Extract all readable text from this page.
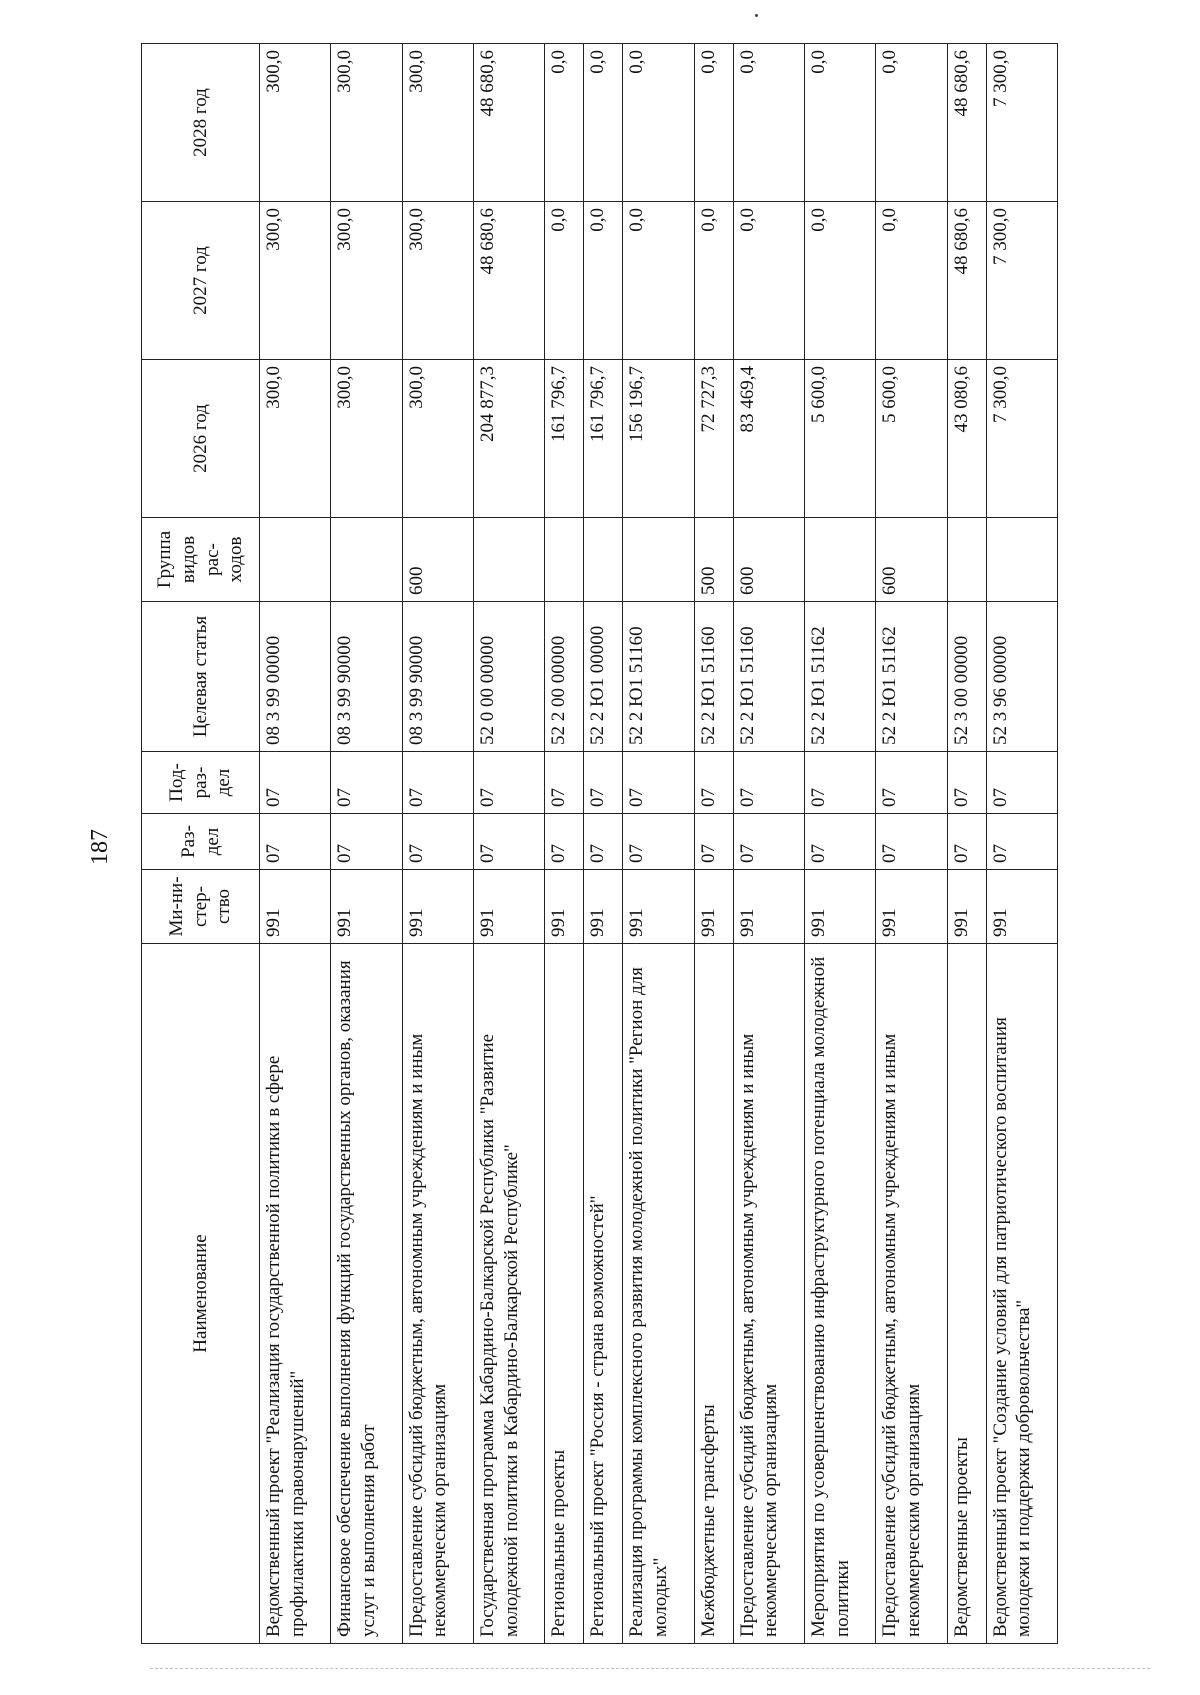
187
Наименование	Ми-ни-стер-ство	Раз-дел	Под-раз-дел	Целевая статья	Группа видов рас-ходов	2026 год	2027 год	2028 год
Ведомственный проект "Реализация государственной политики в сфере профилактики правонарушений"	991	07	07	08 3 99 00000		300,0	300,0	300,0
Финансовое обеспечение выполнения функций государственных органов, оказания услуг и выполнения работ	991	07	07	08 3 99 90000		300,0	300,0	300,0
Предоставление субсидий бюджетным, автономным учреждениям и иным некоммерческим организациям	991	07	07	08 3 99 90000	600	300,0	300,0	300,0
Государственная программа Кабардино-Балкарской Республики "Развитие молодежной политики в Кабардино-Балкарской Республике"	991	07	07	52 0 00 00000		204 877,3	48 680,6	48 680,6
Региональные проекты	991	07	07	52 2 00 00000		161 796,7	0,0	0,0
Региональный проект "Россия - страна возможностей"	991	07	07	52 2 Ю1 00000		161 796,7	0,0	0,0
Реализация программы комплексного развития молодежной политики "Регион для молодых"	991	07	07	52 2 Ю1 51160		156 196,7	0,0	0,0
Межбюджетные трансферты	991	07	07	52 2 Ю1 51160	500	72 727,3	0,0	0,0
Предоставление субсидий бюджетным, автономным учреждениям и иным некоммерческим организациям	991	07	07	52 2 Ю1 51160	600	83 469,4	0,0	0,0
Мероприятия по усовершенствованию инфраструктурного потенциала молодежной политики	991	07	07	52 2 Ю1 51162		5 600,0	0,0	0,0
Предоставление субсидий бюджетным, автономным учреждениям и иным некоммерческим организациям	991	07	07	52 2 Ю1 51162	600	5 600,0	0,0	0,0
Ведомственные проекты	991	07	07	52 3 00 00000		43 080,6	48 680,6	48 680,6
Ведомственный проект "Создание условий для патриотического воспитания молодежи и поддержки добровольчества"	991	07	07	52 3 96 00000		7 300,0	7 300,0	7 300,0
